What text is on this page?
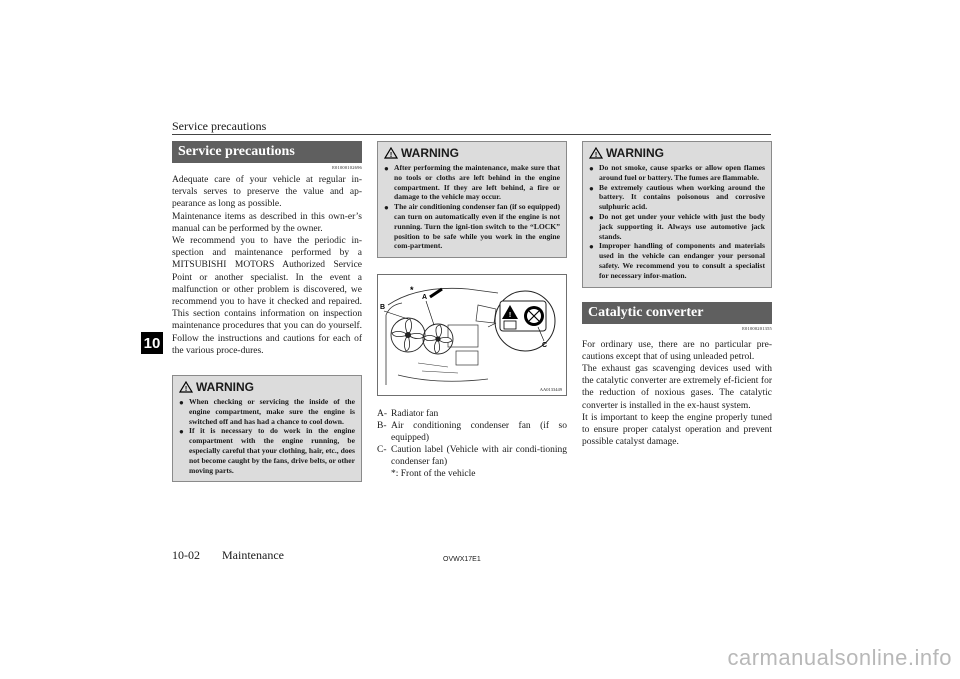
Service precautions
10
Service precautions
E01000102696

Adequate care of your vehicle at regular in-tervals serves to preserve the value and ap-pearance as long as possible.

Maintenance items as described in this own-er’s manual can be performed by the owner.

We recommend you to have the periodic in-spection and maintenance performed by a MITSUBISHI MOTORS Authorized Service Point or another specialist. In the event a malfunction or other problem is discovered, we recommend you to have it checked and repaired. This section contains information on inspection maintenance procedures that you can do yourself. Follow the instructions and cautions for each of the various proce-dures.

! WARNING
● When checking or servicing the inside of the engine compartment, make sure the engine is switched off and has had a chance to cool down.
● If it is necessary to do work in the engine compartment with the engine running, be especially careful that your clothing, hair, etc., does not become caught by the fans, drive belts, or other moving parts.
! WARNING
● After performing the maintenance, make sure that no tools or cloths are left behind in the engine compartment. If they are left behind, a fire or damage to the vehicle may occur.
● The air conditioning condenser fan (if so equipped) can turn on automatically even if the engine is not running. Turn the igni-tion switch to the “LOCK” position to be safe while you work in the engine com-partment.
!
B
A
*
C
AA0133449
A- Radiator fan
B- Air conditioning condenser fan (if so equipped)
C- Caution label (Vehicle with air condi-tioning condenser fan)
*: Front of the vehicle
! WARNING
● Do not smoke, cause sparks or allow open flames around fuel or battery. The fumes are flammable.
● Be extremely cautious when working around the battery. It contains poisonous and corrosive sulphuric acid.
● Do not get under your vehicle with just the body jack supporting it. Always use automotive jack stands.
● Improper handling of components and materials used in the vehicle can endanger your personal safety. We recommend you to consult a specialist for necessary infor-mation.
Catalytic converter
E01000201355

For ordinary use, there are no particular pre-cautions except that of using unleaded petrol.

The exhaust gas scavenging devices used with the catalytic converter are extremely ef-ficient for the reduction of noxious gases. The catalytic converter is installed in the ex-haust system.

It is important to keep the engine properly tuned to ensure proper catalyst operation and prevent possible catalyst damage.

10-02 Maintenance	OVWX17E1
carmanualsonline.info
